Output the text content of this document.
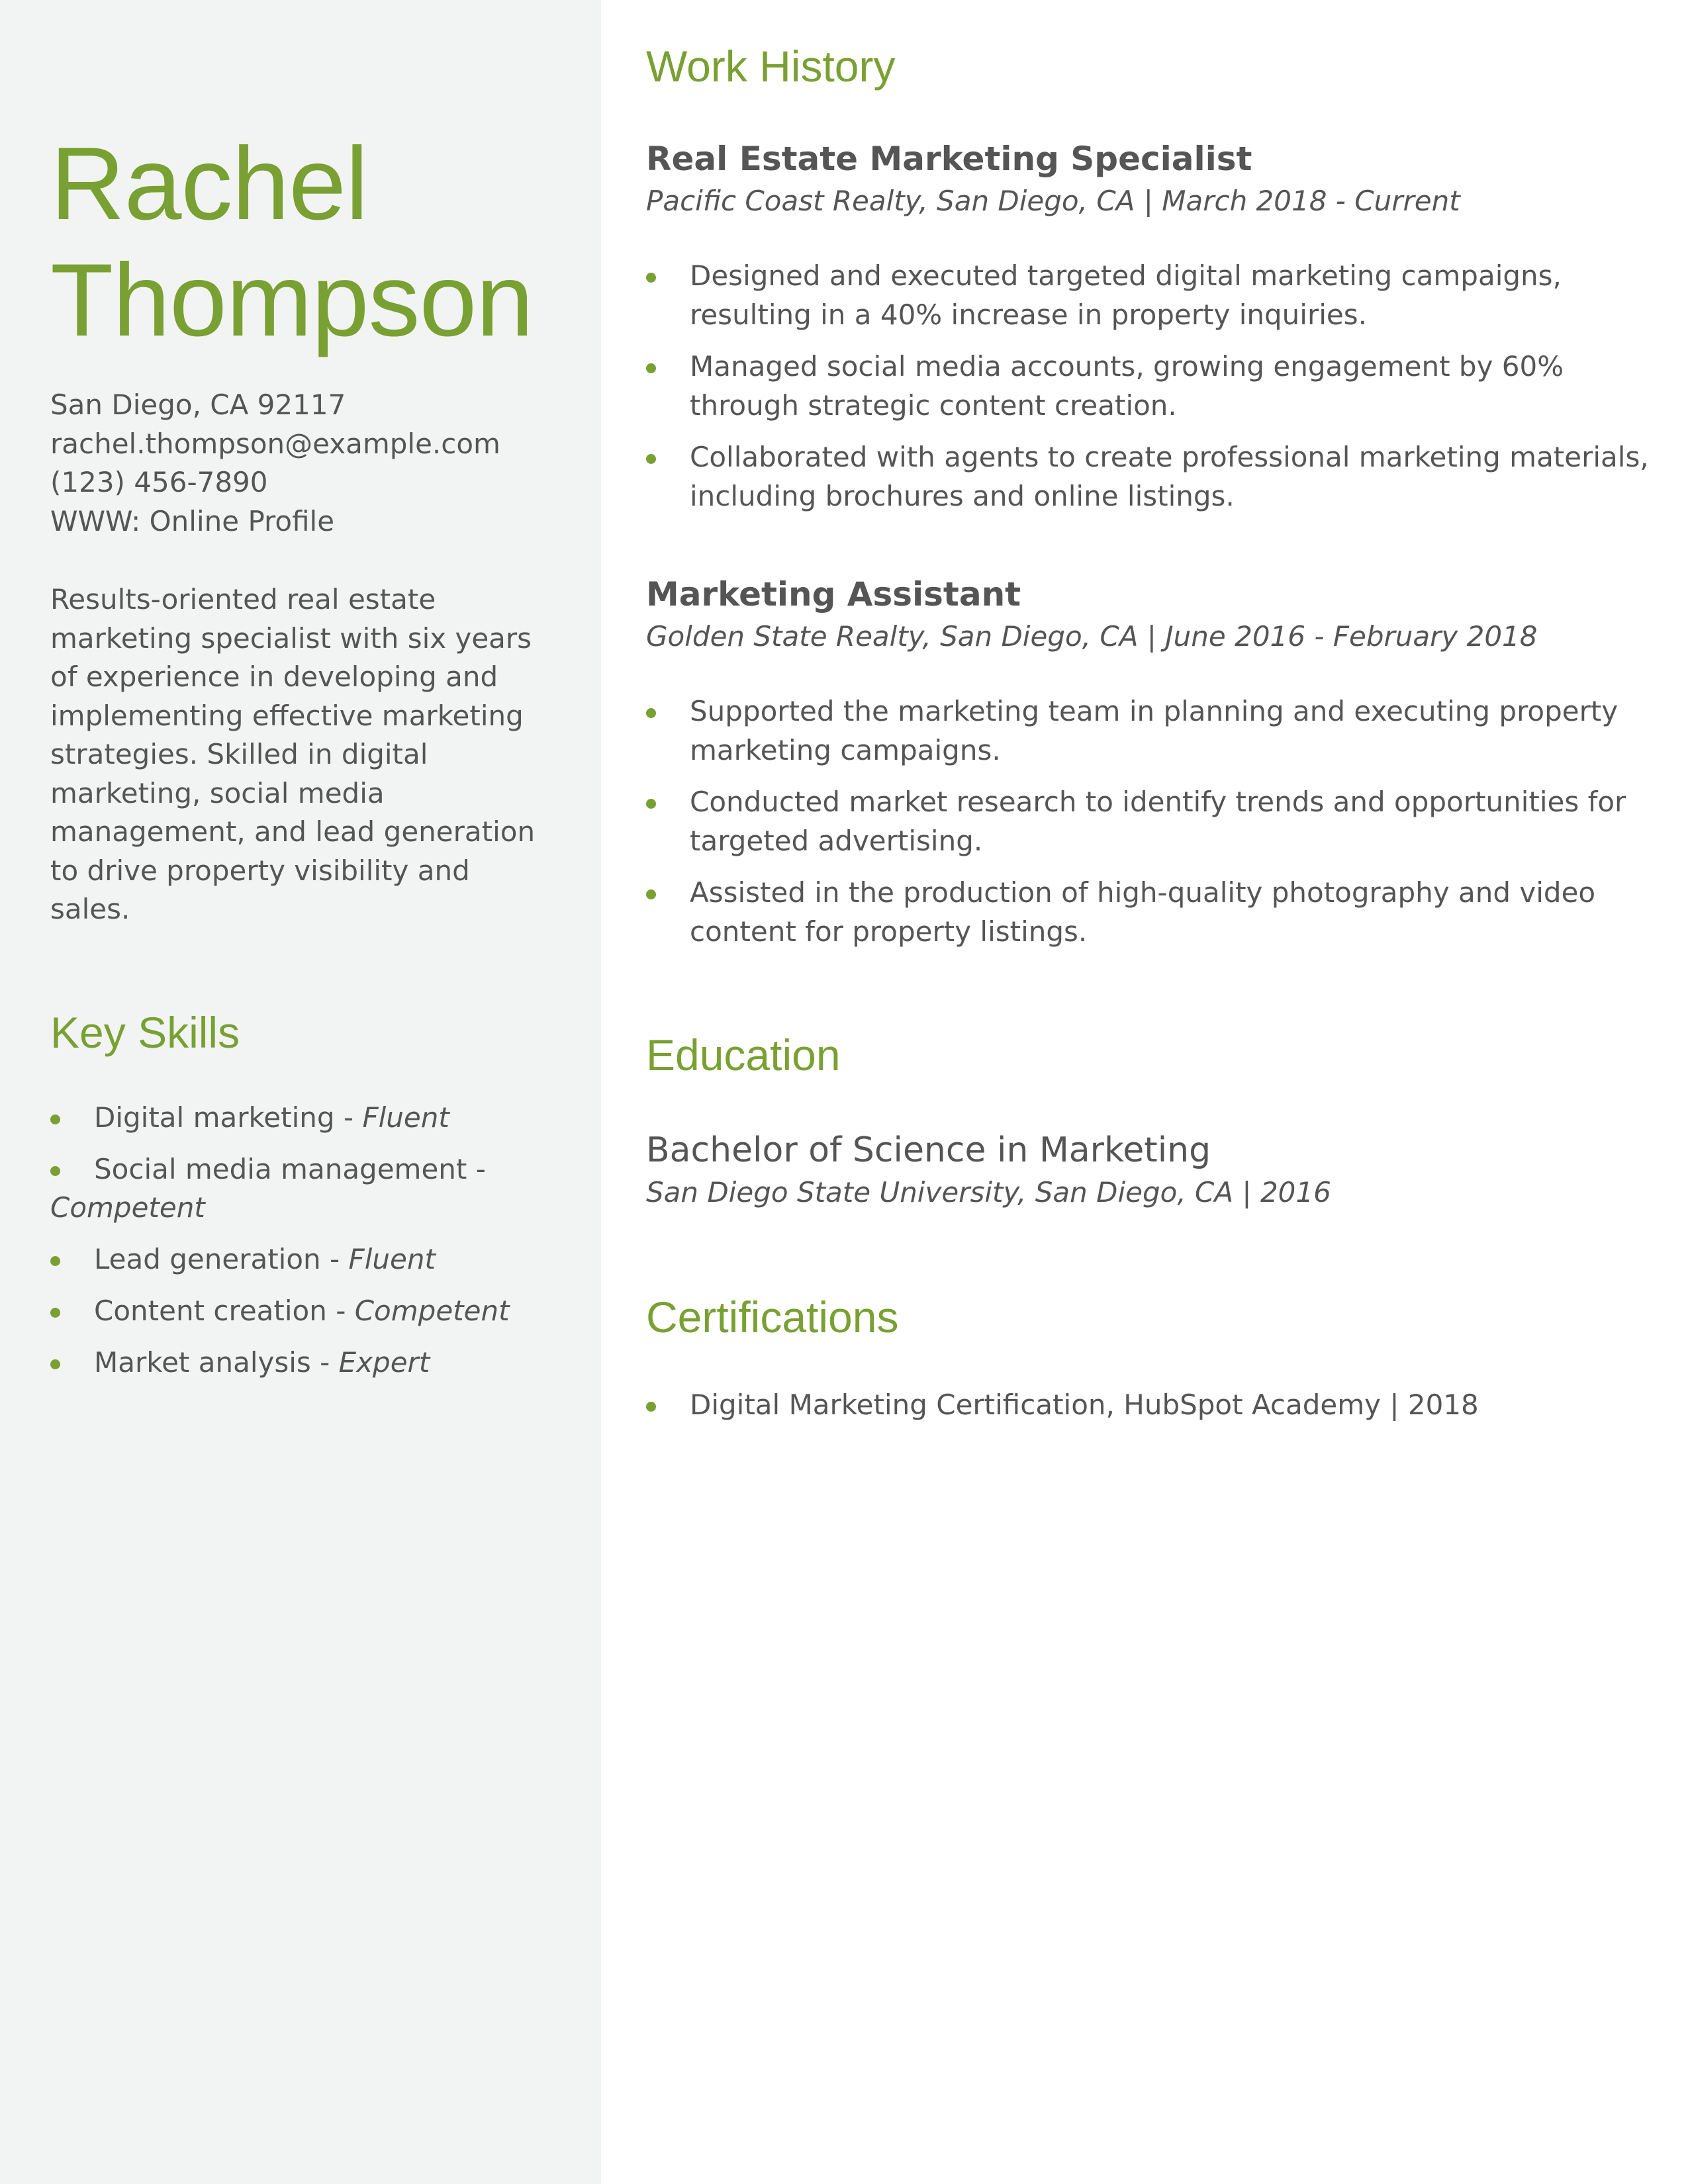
Rachel
Thompson
San Diego, CA 92117
rachel.thompson@example.com
(123) 456-7890
WWW: Online Profile

Results-oriented real estate marketing specialist with six years of experience in developing and implementing effective marketing strategies. Skilled in digital marketing, social media management, and lead generation to drive property visibility and sales.

Key Skills
Digital marketing - Fluent
Social media management -
Competent
Lead generation - Fluent
Content creation - Competent
Market analysis - Expert
Work History
Real Estate Marketing Specialist

Pacific Coast Realty, San Diego, CA | March 2018 - Current

Designed and executed targeted digital marketing campaigns, resulting in a 40% increase in property inquiries.
Managed social media accounts, growing engagement by 60% through strategic content creation.
Collaborated with agents to create professional marketing materials, including brochures and online listings.
Marketing Assistant

Golden State Realty, San Diego, CA | June 2016 - February 2018

Supported the marketing team in planning and executing property marketing campaigns.
Conducted market research to identify trends and opportunities for targeted advertising.
Assisted in the production of high-quality photography and video content for property listings.
Education

Bachelor of Science in Marketing

San Diego State University, San Diego, CA | 2016

Certifications
Digital Marketing Certification, HubSpot Academy | 2018
